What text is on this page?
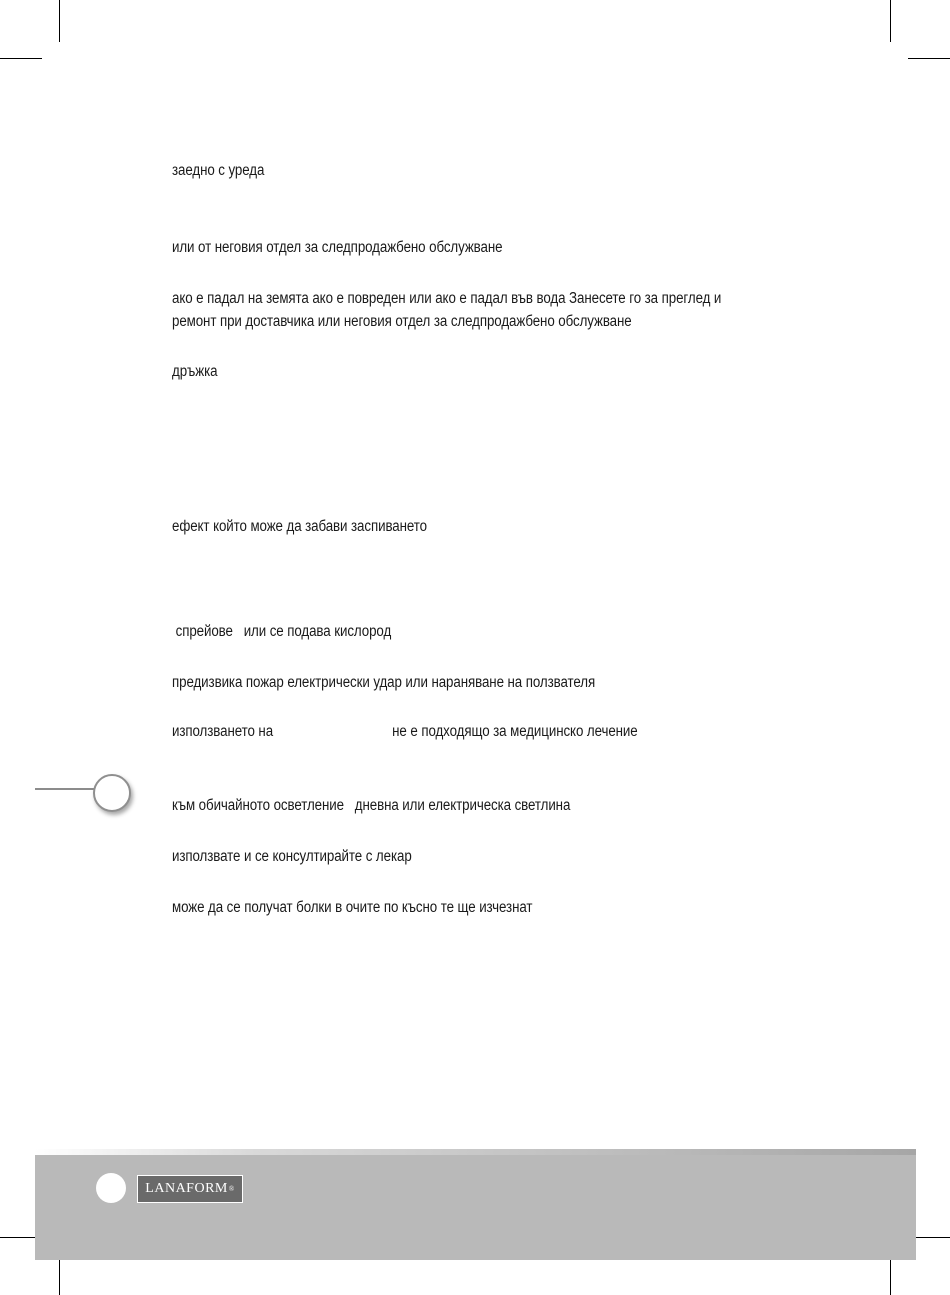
заедно с уреда

или от неговия отдел за следпродажбено обслужване

ако е падал на земята ако е повреден или ако е падал във вода Занесете го за преглед и

ремонт при доставчика или неговия отдел за следпродажбено обслужване

дръжка

ефект който може да забави заспиването

спрейове   или се подава кислород

предизвика пожар електрически удар или нараняване на ползвателя

използването на	не е подходящо за медицинско лечение

към обичайното осветление   дневна или електрическа светлина

използвате и се консултирайте с лекар

може да се получат болки в очите по късно те ще изчезнат

LANAFORM ®
